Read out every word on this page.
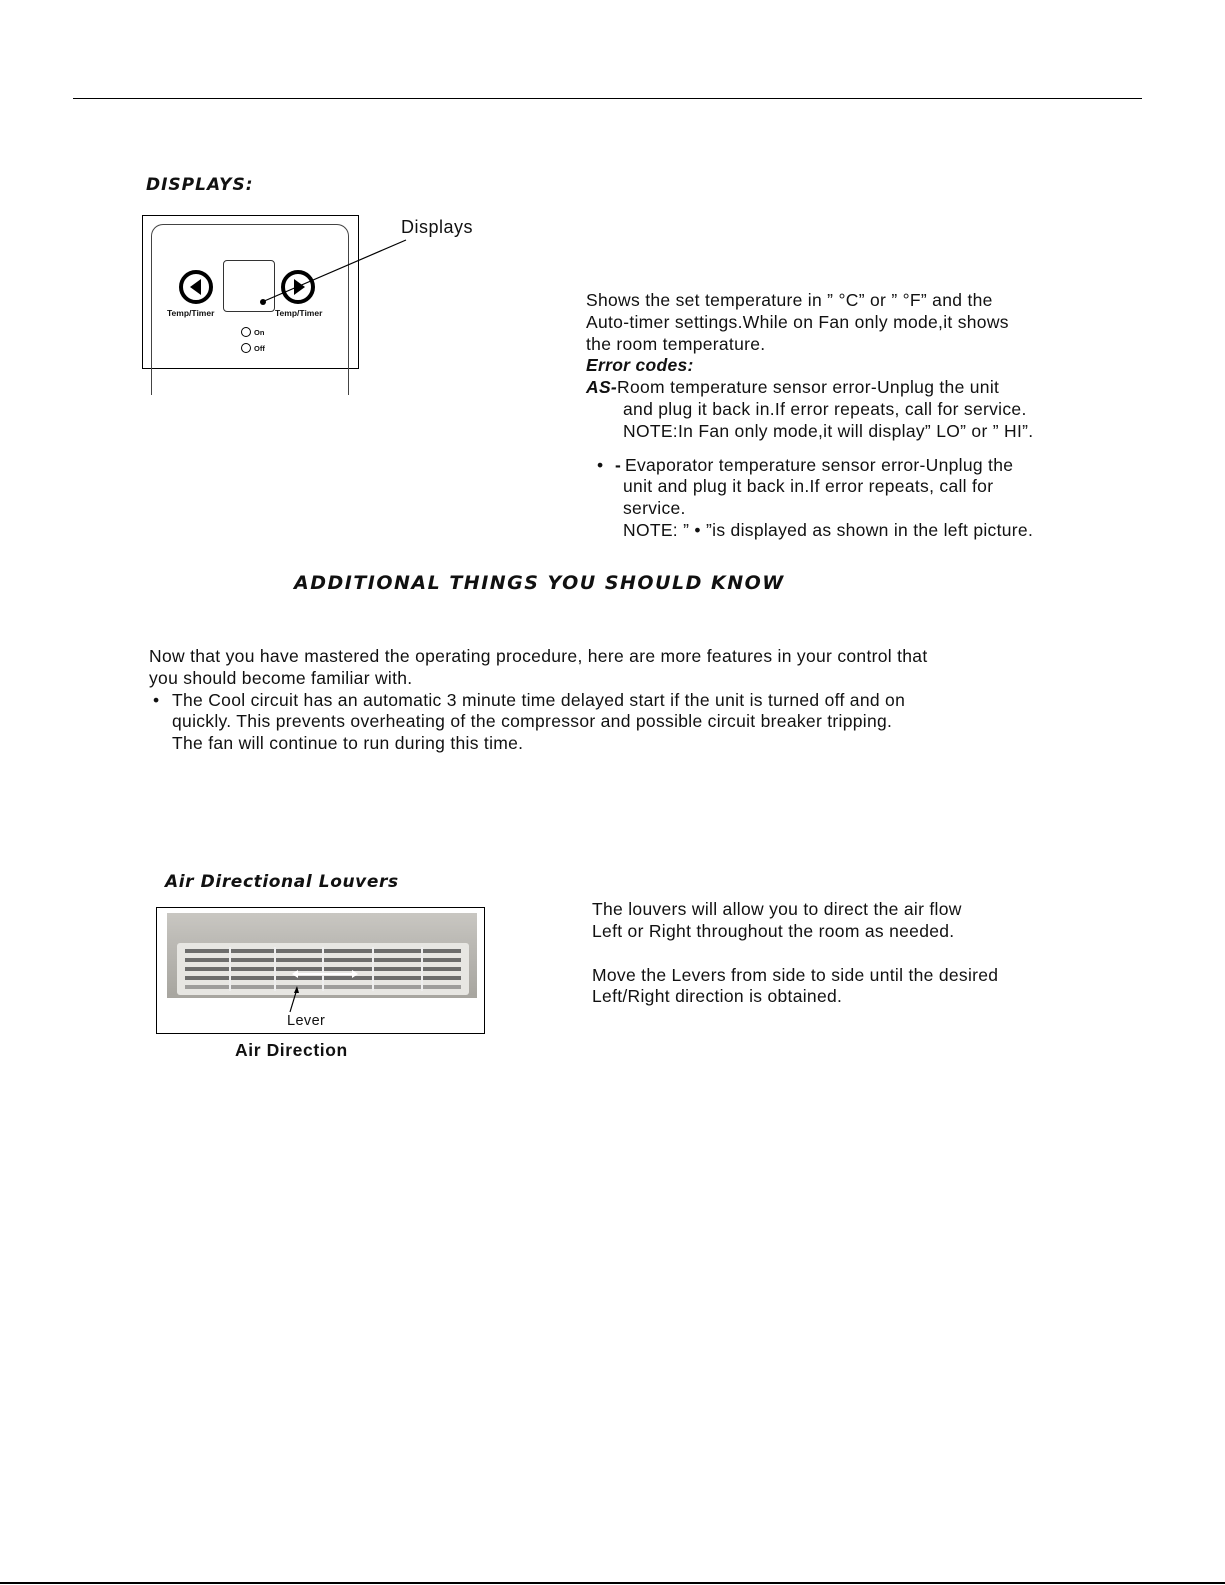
DISPLAYS:
Temp/Timer	Temp/Timer
On
Off
Displays
Shows the set temperature in ” °C” or ” °F” and the
Auto-timer settings.While on Fan only mode,it shows
the room temperature.
Error codes:
AS-Room temperature sensor error-Unplug the unit
and plug it back in.If error repeats, call for service.
NOTE:In Fan only mode,it will display” LO” or ” HI”.
• - Evaporator temperature sensor error-Unplug the
unit and plug it back in.If error repeats, call for
service.
NOTE: ” • ”is displayed as shown in the left picture.
ADDITIONAL THINGS YOU SHOULD KNOW
Now that you have mastered the operating procedure, here are more features in your control that
you should become familiar with.
• The Cool circuit has an automatic 3 minute time delayed start if the unit is turned off and on
quickly. This prevents overheating of the compressor and possible circuit breaker tripping.
The fan will continue to run during this time.
Air Directional Louvers
Lever
Air Direction
The louvers will allow you to direct the air flow
Left or Right throughout the room as needed.
Move the Levers from side to side until the desired
Left/Right direction is obtained.
